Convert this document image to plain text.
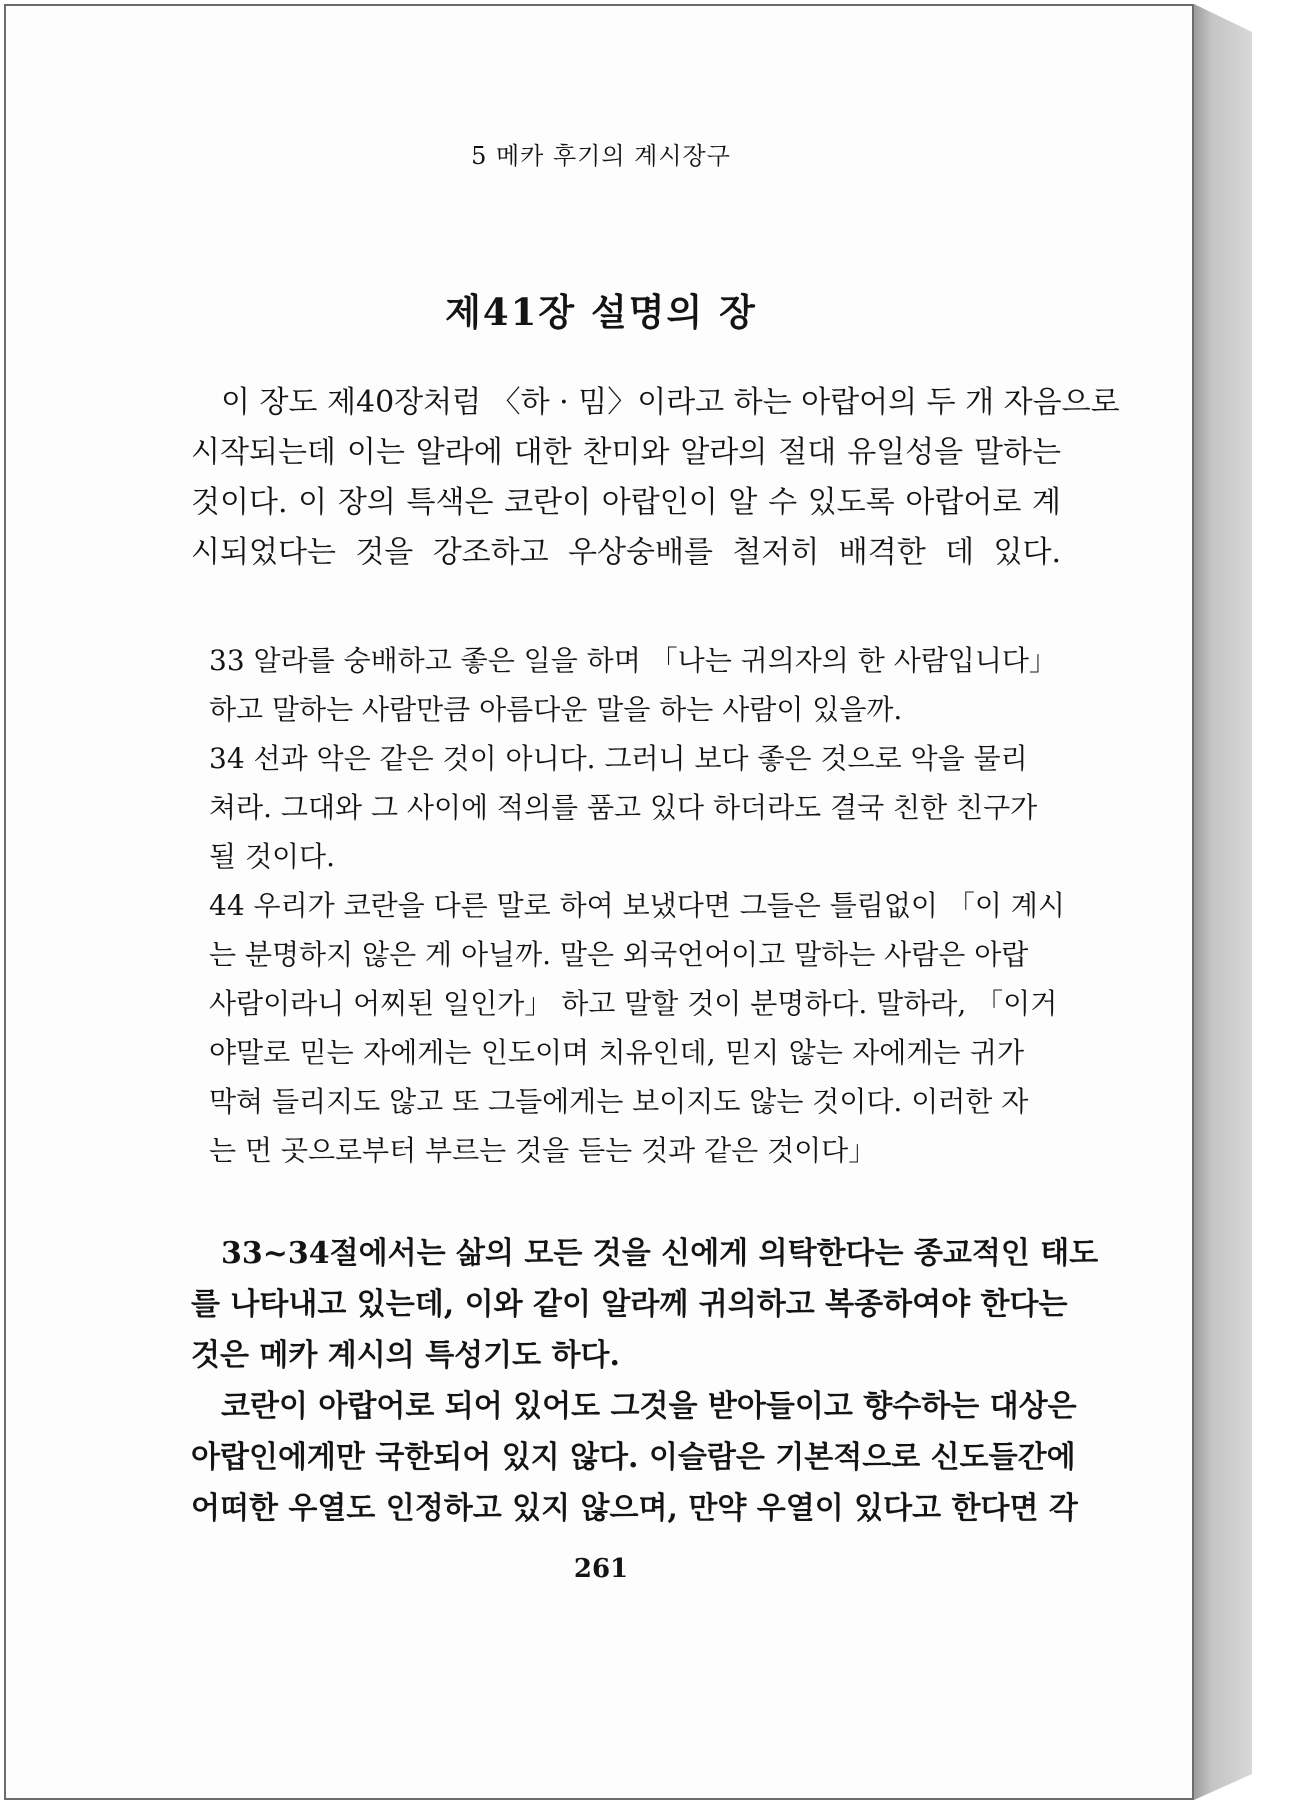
5 메카 후기의 계시장구
제41장 설명의 장
이 장도 제40장처럼 〈하 · 밈〉이라고 하는 아랍어의 두 개 자음으로
시작되는데 이는 알라에 대한 찬미와 알라의 절대 유일성을 말하는
것이다. 이 장의 특색은 코란이 아랍인이 알 수 있도록 아랍어로 계
시되었다는 것을 강조하고 우상숭배를 철저히 배격한 데 있다.
33 알라를 숭배하고 좋은 일을 하며 「나는 귀의자의 한 사람입니다」
하고 말하는 사람만큼 아름다운 말을 하는 사람이 있을까.
34 선과 악은 같은 것이 아니다. 그러니 보다 좋은 것으로 악을 물리
쳐라. 그대와 그 사이에 적의를 품고 있다 하더라도 결국 친한 친구가
될 것이다.
44 우리가 코란을 다른 말로 하여 보냈다면 그들은 틀림없이 「이 계시
는 분명하지 않은 게 아닐까. 말은 외국언어이고 말하는 사람은 아랍
사람이라니 어찌된 일인가」 하고 말할 것이 분명하다. 말하라, 「이거
야말로 믿는 자에게는 인도이며 치유인데, 믿지 않는 자에게는 귀가
막혀 들리지도 않고 또 그들에게는 보이지도 않는 것이다. 이러한 자
는 먼 곳으로부터 부르는 것을 듣는 것과 같은 것이다」
33~34절에서는 삶의 모든 것을 신에게 의탁한다는 종교적인 태도
를 나타내고 있는데, 이와 같이 알라께 귀의하고 복종하여야 한다는
것은 메카 계시의 특성기도 하다.
코란이 아랍어로 되어 있어도 그것을 받아들이고 향수하는 대상은
아랍인에게만 국한되어 있지 않다. 이슬람은 기본적으로 신도들간에
어떠한 우열도 인정하고 있지 않으며, 만약 우열이 있다고 한다면 각
261
